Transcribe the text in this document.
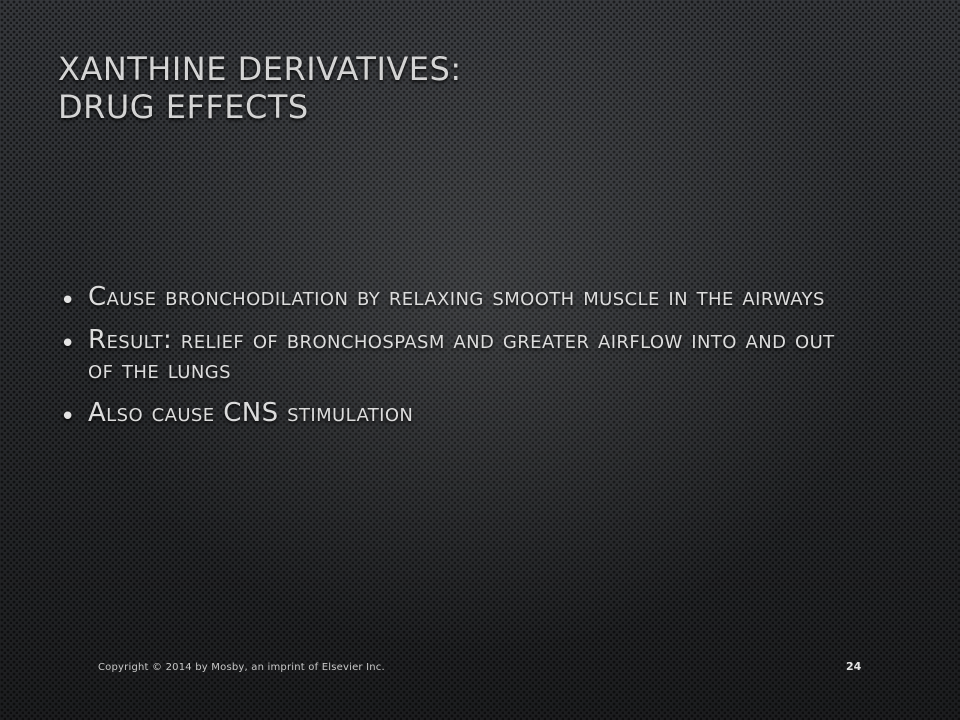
XANTHINE DERIVATIVES:
DRUG EFFECTS
• Cause bronchodilation by relaxing smooth muscle in the airways
• Result: relief of bronchospasm and greater airflow into and out of the lungs
• Also cause CNS stimulation
Copyright © 2014 by Mosby, an imprint of Elsevier Inc.	24
